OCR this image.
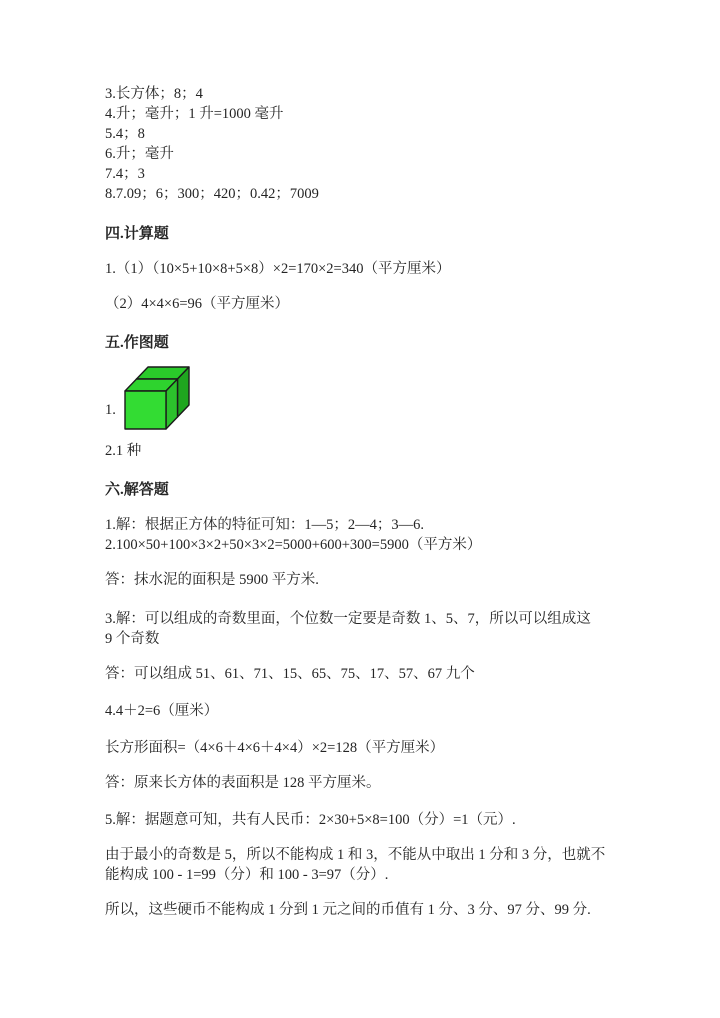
3.长方体；8；4

4.升；毫升；1 升=1000 毫升

5.4；8

6.升；毫升

7.4；3

8.7.09；6；300；420；0.42；7009

四.计算题

1.（1）（10×5+10×8+5×8）×2=170×2=340（平方厘米）

（2）4×4×6=96（平方厘米）

五.作图题

1.

2.1 种

六.解答题

1.解：根据正方体的特征可知：1—5；2—4；3—6.

2.100×50+100×3×2+50×3×2=5000+600+300=5900（平方米）

答：抹水泥的面积是 5900 平方米.

3.解：可以组成的奇数里面，个位数一定要是奇数 1、5、7，所以可以组成这

9 个奇数

答：可以组成 51、61、71、15、65、75、17、57、67 九个

4.4＋2=6（厘米）

长方形面积=（4×6＋4×6＋4×4）×2=128（平方厘米）

答：原来长方体的表面积是 128 平方厘米。

5.解：据题意可知，共有人民币：2×30+5×8=100（分）=1（元）.

由于最小的奇数是 5，所以不能构成 1 和 3，不能从中取出 1 分和 3 分，也就不

能构成 100 - 1=99（分）和 100 - 3=97（分）.

所以，这些硬币不能构成 1 分到 1 元之间的币值有 1 分、3 分、97 分、99 分.
